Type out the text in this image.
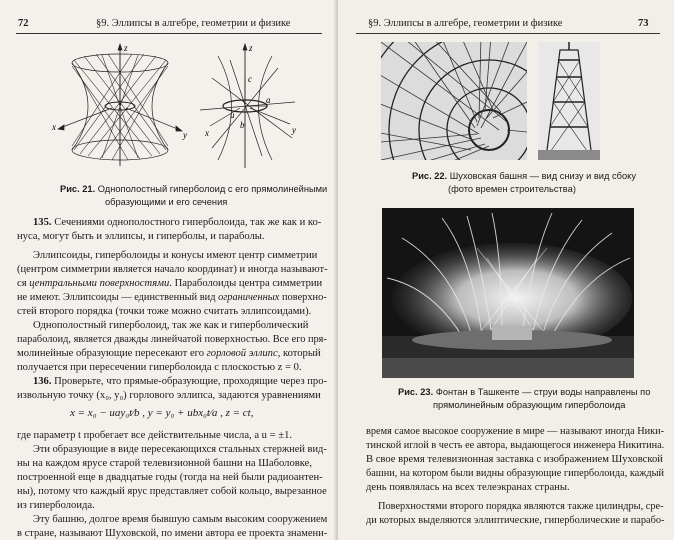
72	§9. Эллипсы в алгебре, геометрии и физике
z
x
y
z
c
a
u
b
x	y
Рис. 21. Однополостный гиперболоид с его прямолинейными
образующими и его сечения
135. Сечениями однополостного гиперболоида, так же как и ко-
нуса, могут быть и эллипсы, и гиперболы, и параболы.
Эллипсоиды, гиперболоиды и конусы имеют центр симметрии
(центром симметрии является начало координат) и иногда называют-
ся центральными поверхностями. Параболоиды центра симметрии
не имеют. Эллипсоиды — единственный вид ограниченных поверхно-
стей второго порядка (точки тоже можно считать эллипсоидами).
Однополостный гиперболоид, так же как и гиперболический
параболоид, является дважды линейчатой поверхностью. Все его пря-
молинейные образующие пересекают его горловой эллипс, который
получается при пересечении гиперболоида с плоскостью z = 0.
136. Проверьте, что прямые-образующие, проходящие через про-
извольную точку (x₀, y₀) горлового эллипса, задаются уравнениями
x = x₀ − uay₀t⁄b , y = y₀ + ubx₀t⁄a , z = ct,
где параметр t пробегает все действительные числа, а u = ±1.
Эти образующие в виде пересекающихся стальных стержней вид-
ны на каждом ярусе старой телевизионной башни на Шаболовке,
построенной еще в двадцатые годы (тогда на ней были радиоантен-
ны), потому что каждый ярус представляет собой кольцо, вырезанное
из гиперболоида.
Эту башню, долгое время бывшую самым высоким сооружением
в стране, называют Шуховской, по имени автора ее проекта знамени-
§9. Эллипсы в алгебре, геометрии и физике	73
Рис. 22. Шуховская башня — вид снизу и вид сбоку
(фото времен строительства)
Рис. 23. Фонтан в Ташкенте — струи воды направлены по
прямолинейным образующим гиперболоида
время самое высокое сооружение в мире — называют иногда Ники-
тинской иглой в честь ее автора, выдающегося инженера Никитина.
В свое время телевизионная заставка с изображением Шуховской
башни, на котором были видны образующие гиперболоида, каждый
день появлялась на всех телеэкранах страны.
Поверхностями второго порядка являются также цилиндры, сре-
ди которых выделяются эллиптические, гиперболические и парабо-
